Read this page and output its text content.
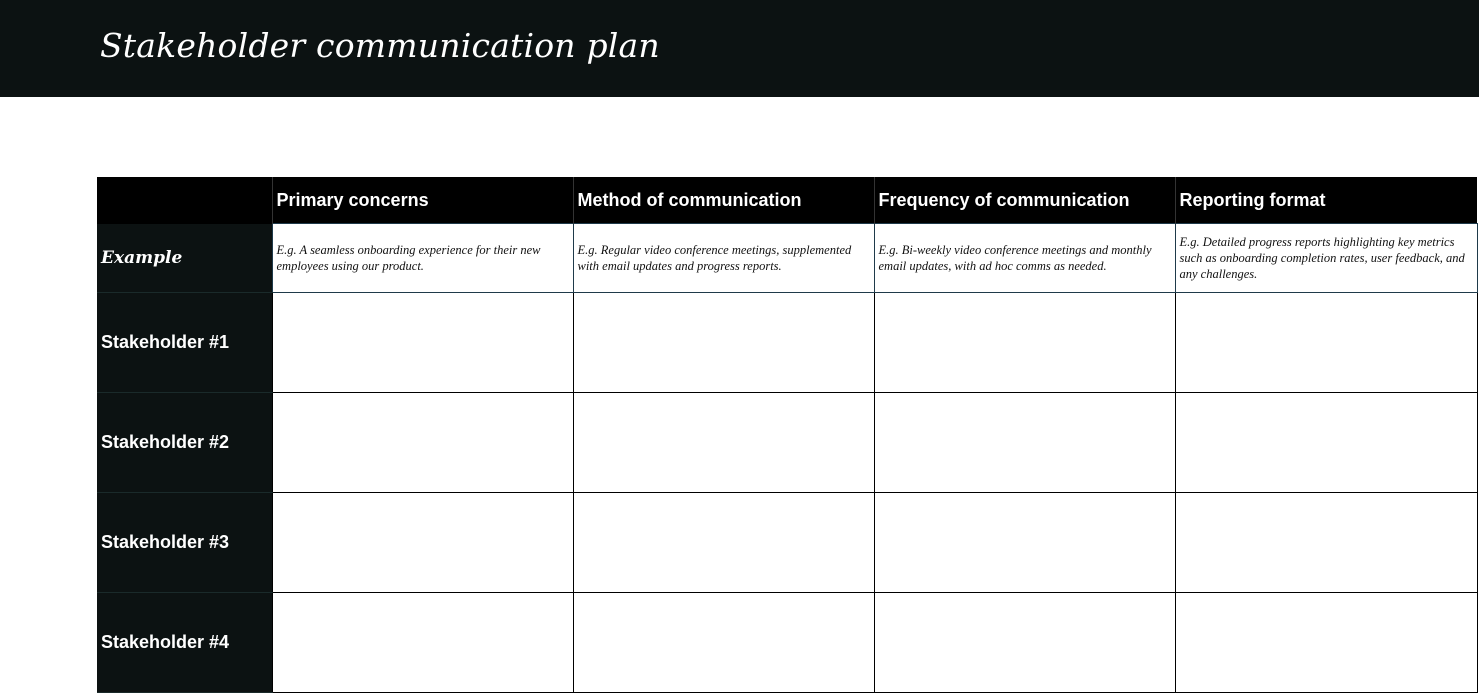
Stakeholder communication plan
	Primary concerns	Method of communication	Frequency of communication	Reporting format
Example	E.g. A seamless onboarding experience for their new employees using our product.	E.g. Regular video conference meetings, supplemented with email updates and progress reports.	E.g. Bi-weekly video conference meetings and monthly email updates, with ad hoc comms as needed.	E.g. Detailed progress reports highlighting key metrics such as onboarding completion rates, user feedback, and any challenges.
Stakeholder #1				
Stakeholder #2				
Stakeholder #3				
Stakeholder #4				
